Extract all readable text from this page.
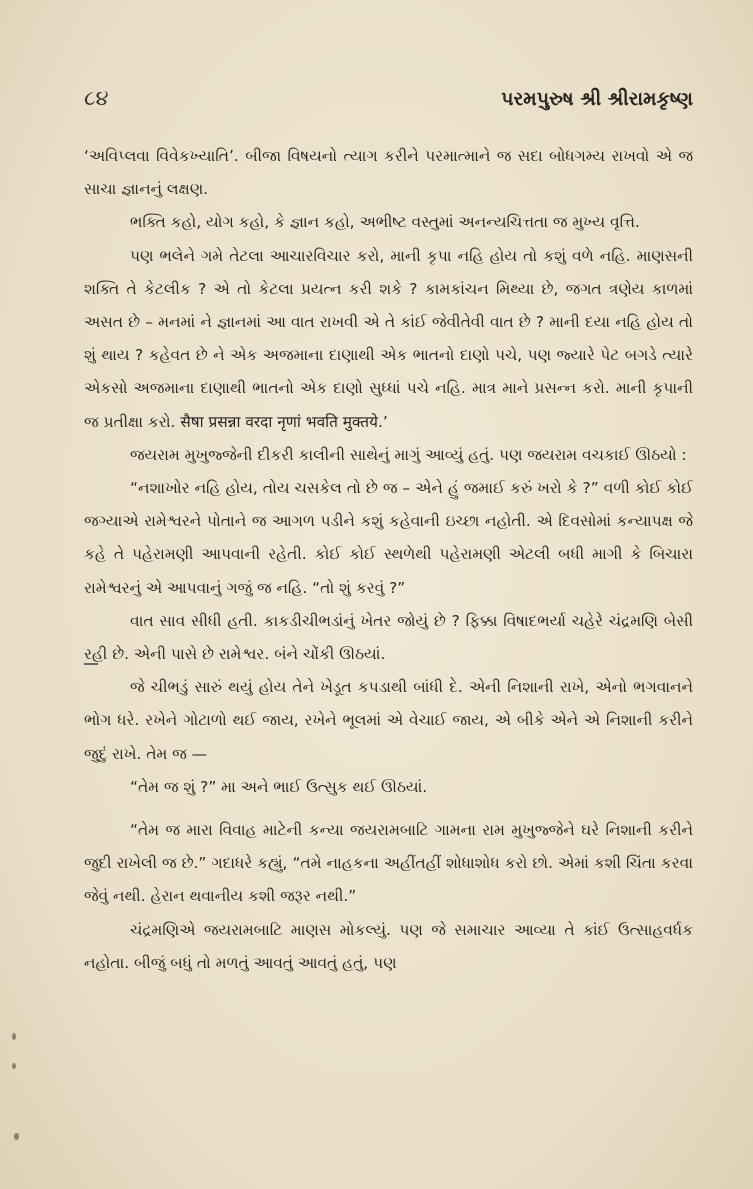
૮૪	પરમપુરુષ શ્રી શ્રીરામકૃષ્ણ

‘અવિપ્લવા વિવેકખ્યાતિ’. બીજા વિષયનો ત્યાગ કરીને પરમાત્માને જ સદા બોધગમ્ય રાખવો એ જ સાચા જ્ઞાનનું લક્ષણ.

ભક્તિ કહો, યોગ કહો, કે જ્ઞાન કહો, અભીષ્ટ વસ્તુમાં અનન્યચિત્તતા જ મુખ્ય વૃત્તિ.

પણ ભલેને ગમે તેટલા આચારવિચાર કરો, માની કૃપા નહિ હોય તો કશું વળે નહિ. માણસની શક્તિ તે કેટલીક ? એ તો કેટલા પ્રયત્ન કરી શકે ? કામકાંચન મિથ્યા છે, જગત ત્રણેય કાળમાં અસત છે – મનમાં ને જ્ઞાનમાં આ વાત રાખવી એ તે કાંઈ જેવીતેવી વાત છે ? માની દયા નહિ હોય તો શું થાય ? કહેવત છે ને એક અજમાના દાણાથી એક ભાતનો દાણો પચે, પણ જ્યારે પેટ બગડે ત્યારે એકસો અજમાના દાણાથી ભાતનો એક દાણો સુધ્ધાં પચે નહિ. માત્ર માને પ્રસન્ન કરો. માની કૃપાની જ પ્રતીક્ષા કરો. सैषा प्रसन्ना वरदा नृणां भवति मुक्तये.’

જયરામ મુખુજ્જેની દીકરી કાલીની સાથેનું માગું આવ્યું હતું. પણ જયરામ વચકાઈ ઊઠયો :

“નશાખોર નહિ હોય, તોય ચસકેલ તો છે જ – એને હું જમાઈ કરું ખરો કે ?” વળી કોઈ કોઈ જગ્યાએ રામેશ્વરને પોતાને જ આગળ પડીને કશું કહેવાની ઇચ્છા નહોતી. એ દિવસોમાં કન્યાપક્ષ જે કહે તે પહેરામણી આપવાની રહેતી. કોઈ કોઈ સ્થળેથી પહેરામણી એટલી બધી માગી કે બિચારા રામેશ્વરનું એ આપવાનું ગજું જ નહિ. “તો શું કરવું ?”

વાત સાવ સીધી હતી. કાકડીચીભડાંનું ખેતર જોયું છે ? ફિક્કા વિષાદભર્યા ચહેરે ચંદ્રમણિ બેસી રહી છે. એની પાસે છે રામેશ્વર. બંને ચોંકી ઊઠયાં.

જે ચીભડું સારું થયું હોય તેને ખેડૂત કપડાથી બાંધી દે. એની નિશાની રાખે, એનો ભગવાનને ભોગ ધરે. રખેને ગોટાળો થઈ જાય, રખેને ભૂલમાં એ વેચાઈ જાય, એ બીકે એને એ નિશાની કરીને જુદું રાખે. તેમ જ —

“તેમ જ શું ?” મા અને ભાઈ ઉત્સુક થઈ ઊઠયાં.

“તેમ જ મારા વિવાહ માટેની કન્યા જયરામબાટિ ગામના રામ મુખુજ્જેને ઘરે નિશાની કરીને જુદી રાખેલી જ છે.” ગદાધરે કહ્યું, “તમે નાહકના અહીંતહીં શોધાશોધ કરો છો. એમાં કશી ચિંતા કરવા જેવું નથી. હેરાન થવાનીય કશી જરૂર નથી.”

ચંદ્રમણિએ જયરામબાટિ માણસ મોકલ્યું. પણ જે સમાચાર આવ્યા તે કાંઈ ઉત્સાહવર્ધક નહોતા. બીજું બધું તો મળતું આવતું આવતું હતું, પણ
